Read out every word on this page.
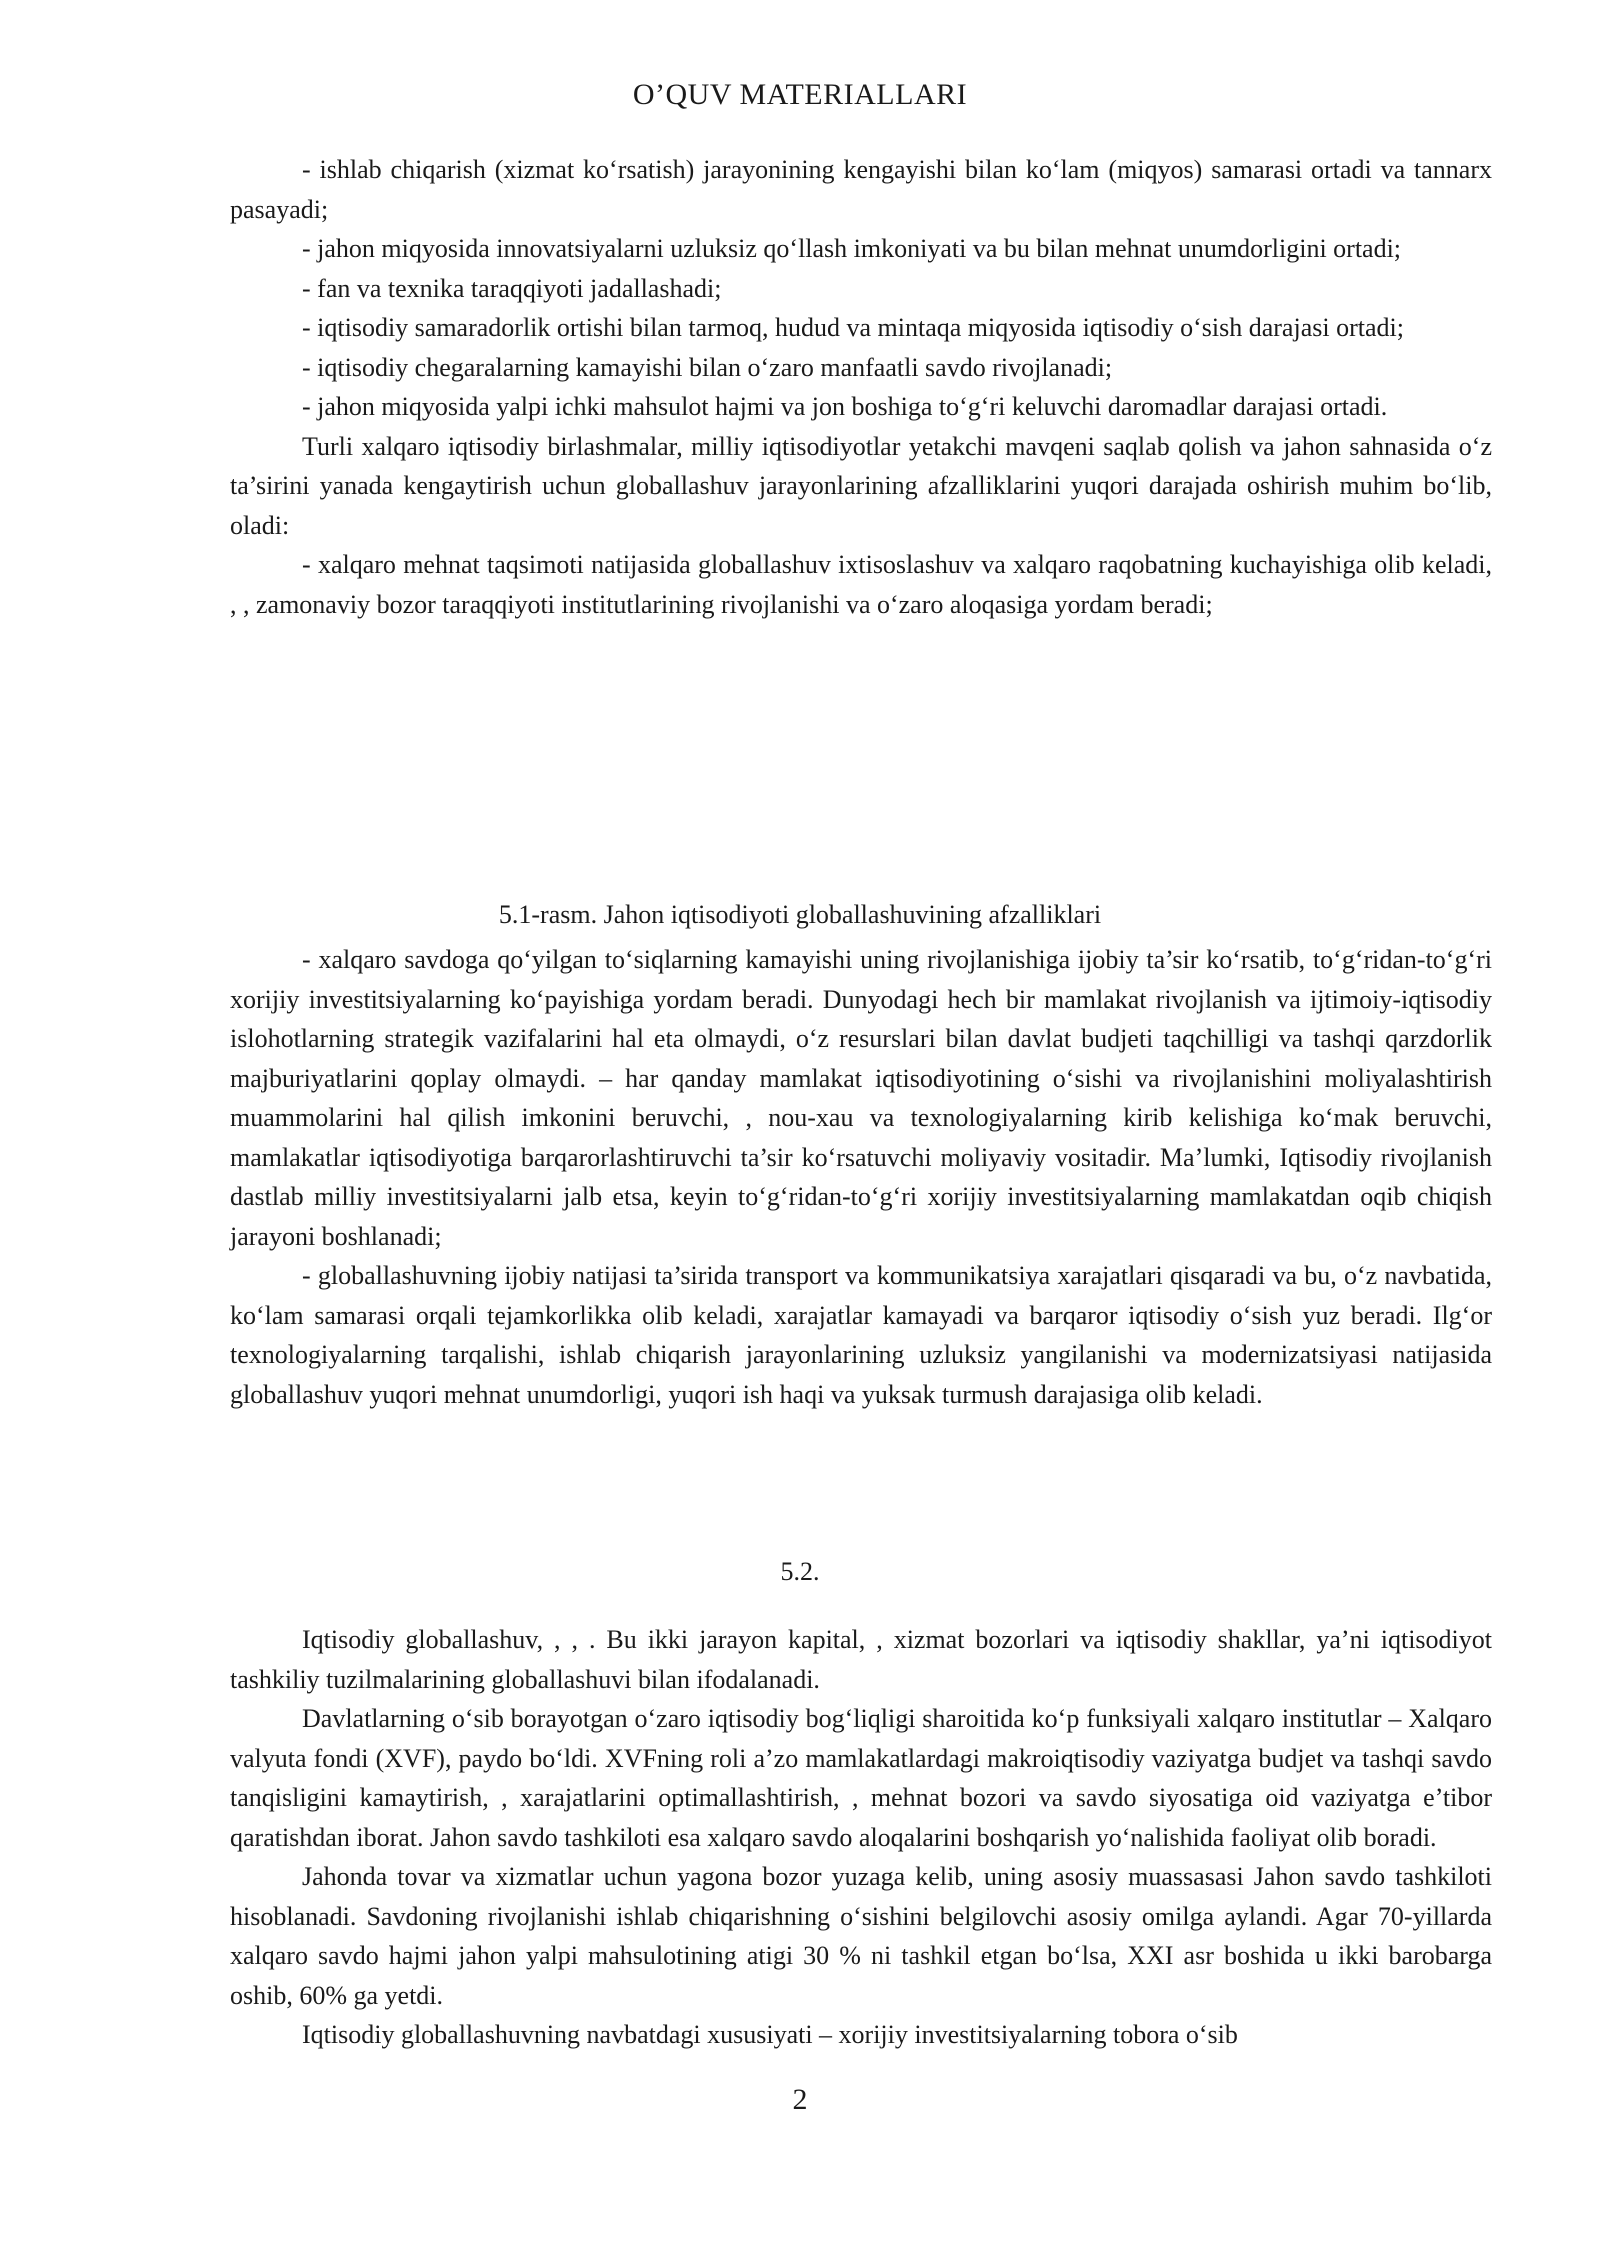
O’QUV MATERIALLARI

- ishlab chiqarish (xizmat ko‘rsatish) jarayonining kengayishi bilan ko‘lam (miqyos) samarasi ortadi va tannarx pasayadi;

- jahon miqyosida innovatsiyalarni uzluksiz qo‘llash imkoniyati va bu bilan mehnat unumdorligini ortadi;

- fan va texnika taraqqiyoti jadallashadi;

- iqtisodiy samaradorlik ortishi bilan tarmoq, hudud va mintaqa miqyosida iqtisodiy o‘sish darajasi ortadi;

- iqtisodiy chegaralarning kamayishi bilan o‘zaro manfaatli savdo rivojlanadi;

- jahon miqyosida yalpi ichki mahsulot hajmi va jon boshiga to‘g‘ri keluvchi daromadlar darajasi ortadi.

Turli xalqaro iqtisodiy birlashmalar, milliy iqtisodiyotlar yetakchi mavqeni saqlab qolish va jahon sahnasida o‘z ta’sirini yanada kengaytirish uchun globallashuv jarayonlarining afzalliklarini yuqori darajada oshirish muhim bo‘lib, oladi:

- xalqaro mehnat taqsimoti natijasida globallashuv ixtisoslashuv va xalqaro raqobatning kuchayishiga olib keladi, , , zamonaviy bozor taraqqiyoti institutlarining rivojlanishi va o‘zaro aloqasiga yordam beradi;

5.1-rasm. Jahon iqtisodiyoti globallashuvining afzalliklari

- xalqaro savdoga qo‘yilgan to‘siqlarning kamayishi uning rivojlanishiga ijobiy ta’sir ko‘rsatib, to‘g‘ridan-to‘g‘ri xorijiy investitsiyalarning ko‘payishiga yordam beradi. Dunyodagi hech bir mamlakat rivojlanish va ijtimoiy-iqtisodiy islohotlarning strategik vazifalarini hal eta olmaydi, o‘z resurslari bilan davlat budjeti taqchilligi va tashqi qarzdorlik majburiyatlarini qoplay olmaydi. – har qanday mamlakat iqtisodiyotining o‘sishi va rivojlanishini moliyalashtirish muammolarini hal qilish imkonini beruvchi, , nou-xau va texnologiyalarning kirib kelishiga ko‘mak beruvchi, mamlakatlar iqtisodiyotiga barqarorlashtiruvchi ta’sir ko‘rsatuvchi moliyaviy vositadir. Ma’lumki, Iqtisodiy rivojlanish dastlab milliy investitsiyalarni jalb etsa, keyin to‘g‘ridan-to‘g‘ri xorijiy investitsiyalarning mamlakatdan oqib chiqish jarayoni boshlanadi;

- globallashuvning ijobiy natijasi ta’sirida transport va kommunikatsiya xarajatlari qisqaradi va bu, o‘z navbatida, ko‘lam samarasi orqali tejamkorlikka olib keladi, xarajatlar kamayadi va barqaror iqtisodiy o‘sish yuz beradi. Ilg‘or texnologiyalarning tarqalishi, ishlab chiqarish jarayonlarining uzluksiz yangilanishi va modernizatsiyasi natijasida globallashuv yuqori mehnat unumdorligi, yuqori ish haqi va yuksak turmush darajasiga olib keladi.

5.2.

Iqtisodiy globallashuv, , , . Bu ikki jarayon kapital, , xizmat bozorlari va iqtisodiy shakllar, ya’ni iqtisodiyot tashkiliy tuzilmalarining globallashuvi bilan ifodalanadi.

Davlatlarning o‘sib borayotgan o‘zaro iqtisodiy bog‘liqligi sharoitida ko‘p funksiyali xalqaro institutlar – Xalqaro valyuta fondi (XVF), paydo bo‘ldi. XVFning roli a’zo mamlakatlardagi makroiqtisodiy vaziyatga budjet va tashqi savdo tanqisligini kamaytirish, , xarajatlarini optimallashtirish, , mehnat bozori va savdo siyosatiga oid vaziyatga e’tibor qaratishdan iborat. Jahon savdo tashkiloti esa xalqaro savdo aloqalarini boshqarish yo‘nalishida faoliyat olib boradi.

Jahonda tovar va xizmatlar uchun yagona bozor yuzaga kelib, uning asosiy muassasasi Jahon savdo tashkiloti hisoblanadi. Savdoning rivojlanishi ishlab chiqarishning o‘sishini belgilovchi asosiy omilga aylandi. Agar 70-yillarda xalqaro savdo hajmi jahon yalpi mahsulotining atigi 30 % ni tashkil etgan bo‘lsa, XXI asr boshida u ikki barobarga oshib, 60% ga yetdi.

Iqtisodiy globallashuvning navbatdagi xususiyati – xorijiy investitsiyalarning tobora o‘sib

2
